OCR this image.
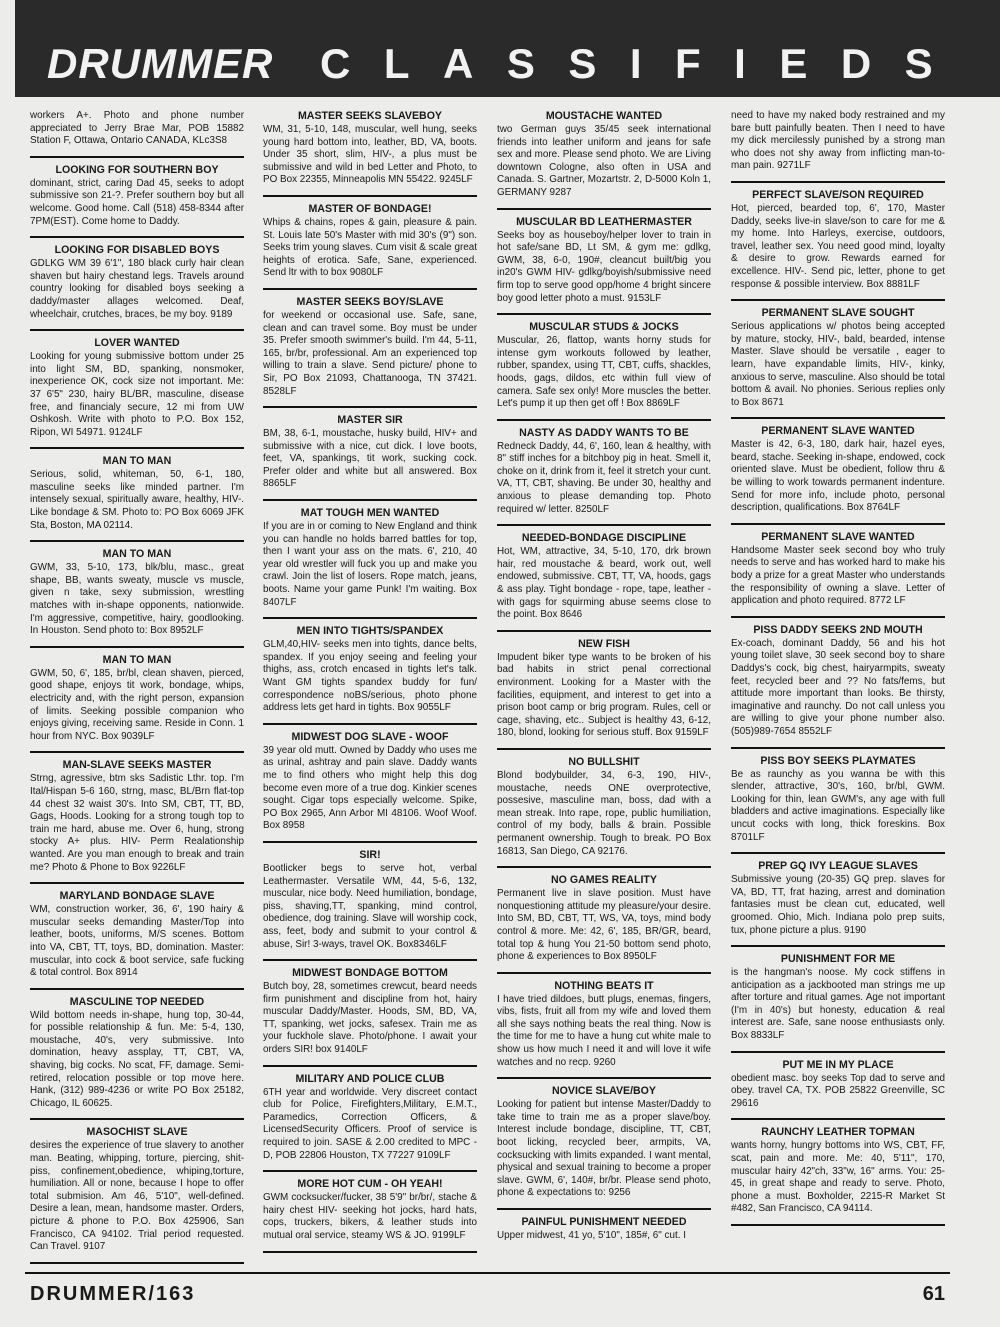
DRUMMER CLASSIFIEDS

workers A+. Photo and phone number appreciated to Jerry Brae Mar, POB 15882 Station F, Ottawa, Ontario CANADA, KLc3S8

LOOKING FOR SOUTHERN BOY

dominant, strict, caring Dad 45, seeks to adopt submissive son 21-?. Prefer southern boy but all welcome. Good home. Call (518) 458-8344 after 7PM(EST). Come home to Daddy.

LOOKING FOR DISABLED BOYS

GDLKG WM 39 6'1", 180 black curly hair clean shaven but hairy chestand legs. Travels around country looking for disabled boys seeking a daddy/master allages welcomed. Deaf, wheelchair, crutches, braces, be my boy. 9189

LOVER WANTED

Looking for young submissive bottom under 25 into light SM, BD, spanking, nonsmoker, inexperience OK, cock size not important. Me: 37 6'5" 230, hairy BL/BR, masculine, disease free, and financialy secure, 12 mi from UW Oshkosh. Write with photo to P.O. Box 152, Ripon, WI 54971. 9124LF

MAN TO MAN

Serious, solid, whiteman, 50, 6-1, 180, masculine seeks like minded partner. I'm intensely sexual, spiritually aware, healthy, HIV-. Like bondage & SM. Photo to: PO Box 6069 JFK Sta, Boston, MA 02114.

MAN TO MAN

GWM, 33, 5-10, 173, blk/blu, masc., great shape, BB, wants sweaty, muscle vs muscle, given n take, sexy submission, wrestling matches with in-shape opponents, nationwide. I'm aggressive, competitive, hairy, goodlooking. In Houston. Send photo to: Box 8952LF

MAN TO MAN

GWM, 50, 6', 185, br/bl, clean shaven, pierced, good shape, enjoys tit work, bondage, whips, electricity and, with the right person, expansion of limits. Seeking possible companion who enjoys giving, receiving same. Reside in Conn. 1 hour from NYC. Box 9039LF

MAN-SLAVE SEEKS MASTER

Strng, agressive, btm sks Sadistic Lthr. top. I'm Ital/Hispan 5-6 160, strng, masc, BL/Brn flat-top 44 chest 32 waist 30's. Into SM, CBT, TT, BD, Gags, Hoods. Looking for a strong tough top to train me hard, abuse me. Over 6, hung, strong stocky A+ plus. HIV- Perm Realationship wanted. Are you man enough to break and train me? Photo & Phone to Box 9226LF

MARYLAND BONDAGE SLAVE

WM, construction worker, 36, 6', 190 hairy & muscular seeks demanding Master/Top into leather, boots, uniforms, M/S scenes. Bottom into VA, CBT, TT, toys, BD, domination. Master: muscular, into cock & boot service, safe fucking & total control. Box 8914

MASCULINE TOP NEEDED

Wild bottom needs in-shape, hung top, 30-44, for possible relationship & fun. Me: 5-4, 130, moustache, 40's, very submissive. Into domination, heavy assplay, TT, CBT, VA, shaving, big cocks. No scat, FF, damage. Semi-retired, relocation possible or top move here. Hank, (312) 989-4236 or write PO Box 25182, Chicago, IL 60625.

MASOCHIST SLAVE

desires the experience of true slavery to another man. Beating, whipping, torture, piercing, shit-piss, confinement,obedience, whiping,torture, humiliation. All or none, because I hope to offer total submision. Am 46, 5'10", well-defined. Desire a lean, mean, handsome master. Orders, picture & phone to P.O. Box 425906, San Francisco, CA 94102. Trial period requested. Can Travel. 9107

MASTER SEEKS SLAVEBOY

WM, 31, 5-10, 148, muscular, well hung, seeks young hard bottom into, leather, BD, VA, boots. Under 35 short, slim, HIV-, a plus must be submissive and wild in bed Letter and Photo, to PO Box 22355, Minneapolis MN 55422. 9245LF

MASTER OF BONDAGE!

Whips & chains, ropes & gain, pleasure & pain. St. Louis late 50's Master with mid 30's (9") son. Seeks trim young slaves. Cum visit & scale great heights of erotica. Safe, Sane, experienced. Send ltr with to box 9080LF

MASTER SEEKS BOY/SLAVE

for weekend or occasional use. Safe, sane, clean and can travel some. Boy must be under 35. Prefer smooth swimmer's build. I'm 44, 5-11, 165, br/br, professional. Am an experienced top willing to train a slave. Send picture/ phone to Sir, PO Box 21093, Chattanooga, TN 37421. 8528LF

MASTER SIR

BM, 38, 6-1, moustache, husky build, HIV+ and submissive with a nice, cut dick. I love boots, feet, VA, spankings, tit work, sucking cock. Prefer older and white but all answered. Box 8865LF

MAT TOUGH MEN WANTED

If you are in or coming to New England and think you can handle no holds barred battles for top, then I want your ass on the mats. 6', 210, 40 year old wrestler will fuck you up and make you crawl. Join the list of losers. Rope match, jeans, boots. Name your game Punk! I'm waiting. Box 8407LF

MEN INTO TIGHTS/SPANDEX

GLM,40,HIV- seeks men into tights, dance belts, spandex. If you enjoy seeing and feeling your thighs, ass, crotch encased in tights let's talk. Want GM tights spandex buddy for fun/ correspondence noBS/serious, photo phone address lets get hard in tights. Box 9055LF

MIDWEST DOG SLAVE - WOOF

39 year old mutt. Owned by Daddy who uses me as urinal, ashtray and pain slave. Daddy wants me to find others who might help this dog become even more of a true dog. Kinkier scenes sought. Cigar tops especially welcome. Spike, PO Box 2965, Ann Arbor MI 48106. Woof Woof. Box 8958

SIR!

Bootlicker begs to serve hot, verbal Leathermaster. Versatile WM, 44, 5-6, 132, muscular, nice body. Need humiliation, bondage, piss, shaving,TT, spanking, mind control, obedience, dog training. Slave will worship cock, ass, feet, body and submit to your control & abuse, Sir! 3-ways, travel OK. Box8346LF

MIDWEST BONDAGE BOTTOM

Butch boy, 28, sometimes crewcut, beard needs firm punishment and discipline from hot, hairy muscular Daddy/Master. Hoods, SM, BD, VA, TT, spanking, wet jocks, safesex. Train me as your fuckhole slave. Photo/phone. I await your orders SIR! box 9140LF

MILITARY AND POLICE CLUB

6TH year and worldwide. Very discreet contact club for Police, Firefighters,Military, E.M.T., Paramedics, Correction Officers, & LicensedSecurity Officers. Proof of service is required to join. SASE & 2.00 credited to MPC - D, POB 22806 Houston, TX 77227 9109LF

MORE HOT CUM - OH YEAH!

GWM cocksucker/fucker, 38 5'9" br/br/, stache & hairy chest HIV- seeking hot jocks, hard hats, cops, truckers, bikers, & leather studs into mutual oral service, steamy WS & JO. 9199LF

MOUSTACHE WANTED

two German guys 35/45 seek international friends into leather uniform and jeans for safe sex and more. Please send photo. We are Living downtown Cologne, also often in USA and Canada. S. Gartner, Mozartstr. 2, D-5000 Koln 1, GERMANY 9287

MUSCULAR BD LEATHERMASTER

Seeks boy as houseboy/helper lover to train in hot safe/sane BD, Lt SM, & gym me: gdlkg, GWM, 38, 6-0, 190#, cleancut built/big you in20's GWM HIV- gdlkg/boyish/submissive need firm top to serve good opp/home 4 bright sincere boy good letter photo a must. 9153LF

MUSCULAR STUDS & JOCKS

Muscular, 26, flattop, wants horny studs for intense gym workouts followed by leather, rubber, spandex, using TT, CBT, cuffs, shackles, hoods, gags, dildos, etc within full view of camera. Safe sex only! More muscles the better. Let's pump it up then get off ! Box 8869LF

NASTY AS DADDY WANTS TO BE

Redneck Daddy, 44, 6', 160, lean & healthy, with 8" stiff inches for a bitchboy pig in heat. Smell it, choke on it, drink from it, feel it stretch your cunt. VA, TT, CBT, shaving. Be under 30, healthy and anxious to please demanding top. Photo required w/ letter. 8250LF

NEEDED-BONDAGE DISCIPLINE

Hot, WM, attractive, 34, 5-10, 170, drk brown hair, red moustache & beard, work out, well endowed, submissive. CBT, TT, VA, hoods, gags & ass play. Tight bondage - rope, tape, leather - with gags for squirming abuse seems close to the point. Box 8646

NEW FISH

Impudent biker type wants to be broken of his bad habits in strict penal correctional environment. Looking for a Master with the facilities, equipment, and interest to get into a prison boot camp or brig program. Rules, cell or cage, shaving, etc.. Subject is healthy 43, 6-12, 180, blond, looking for serious stuff. Box 9159LF

NO BULLSHIT

Blond bodybuilder, 34, 6-3, 190, HIV-, moustache, needs ONE overprotective, possesive, masculine man, boss, dad with a mean streak. Into rape, rope, public humiliation, control of my body, balls & brain. Possible permanent ownership. Tough to break. PO Box 16813, San Diego, CA 92176.

NO GAMES REALITY

Permanent live in slave position. Must have nonquestioning attitude my pleasure/your desire. Into SM, BD, CBT, TT, WS, VA, toys, mind body control & more. Me: 42, 6', 185, BR/GR, beard, total top & hung You 21-50 bottom send photo, phone & experiences to Box 8950LF

NOTHING BEATS IT

I have tried dildoes, butt plugs, enemas, fingers, vibs, fists, fruit all from my wife and loved them all she says nothing beats the real thing. Now is the time for me to have a hung cut white male to show us how much I need it and will love it wife watches and no recp. 9260

NOVICE SLAVE/BOY

Looking for patient but intense Master/Daddy to take time to train me as a proper slave/boy. Interest include bondage, discipline, TT, CBT, boot licking, recycled beer, armpits, VA, cocksucking with limits expanded. I want mental, physical and sexual training to become a proper slave. GWM, 6', 140#, br/br. Please send photo, phone & expectations to: 9256

PAINFUL PUNISHMENT NEEDED

Upper midwest, 41 yo, 5'10", 185#, 6" cut. I

need to have my naked body restrained and my bare butt painfully beaten. Then I need to have my dick mercilessly punished by a strong man who does not shy away from inflicting man-to-man pain. 9271LF

PERFECT SLAVE/SON REQUIRED

Hot, pierced, bearded top, 6', 170, Master Daddy, seeks live-in slave/son to care for me & my home. Into Harleys, exercise, outdoors, travel, leather sex. You need good mind, loyalty & desire to grow. Rewards earned for excellence. HIV-. Send pic, letter, phone to get response & possible interview. Box 8881LF

PERMANENT SLAVE SOUGHT

Serious applications w/ photos being accepted by mature, stocky, HIV-, bald, bearded, intense Master. Slave should be versatile , eager to learn, have expandable limits, HIV-, kinky, anxious to serve, masculine. Also should be total bottom & avail. No phonies. Serious replies only to Box 8671

PERMANENT SLAVE WANTED

Master is 42, 6-3, 180, dark hair, hazel eyes, beard, stache. Seeking in-shape, endowed, cock oriented slave. Must be obedient, follow thru & be willing to work towards permanent indenture. Send for more info, include photo, personal description, qualifications. Box 8764LF

PERMANENT SLAVE WANTED

Handsome Master seek second boy who truly needs to serve and has worked hard to make his body a prize for a great Master who understands the responsibility of owning a slave. Letter of application and photo required. 8772 LF

PISS DADDY SEEKS 2ND MOUTH

Ex-coach, dominant Daddy, 56 and his hot young toilet slave, 30 seek second boy to share Daddys's cock, big chest, hairyarmpits, sweaty feet, recycled beer and ?? No fats/fems, but attitude more important than looks. Be thirsty, imaginative and raunchy. Do not call unless you are willing to give your phone number also. (505)989-7654 8552LF

PISS BOY SEEKS PLAYMATES

Be as raunchy as you wanna be with this slender, attractive, 30's, 160, br/bl, GWM. Looking for thin, lean GWM's, any age with full bladders and active imaginations. Especially like uncut cocks with long, thick foreskins. Box 8701LF

PREP GQ IVY LEAGUE SLAVES

Submissive young (20-35) GQ prep. slaves for VA, BD, TT, frat hazing, arrest and domination fantasies must be clean cut, educated, well groomed. Ohio, Mich. Indiana polo prep suits, tux, phone picture a plus. 9190

PUNISHMENT FOR ME

is the hangman's noose. My cock stiffens in anticipation as a jackbooted man strings me up after torture and ritual games. Age not important (I'm in 40's) but honesty, education & real interest are. Safe, sane noose enthusiasts only. Box 8833LF

PUT ME IN MY PLACE

obedient masc. boy seeks Top dad to serve and obey. travel CA, TX. POB 25822 Greenville, SC 29616

RAUNCHY LEATHER TOPMAN

wants horny, hungry bottoms into WS, CBT, FF, scat, pain and more. Me: 40, 5'11", 170, muscular hairy 42"ch, 33"w, 16" arms. You: 25-45, in great shape and ready to serve. Photo, phone a must. Boxholder, 2215-R Market St #482, San Francisco, CA 94114.

DRUMMER/163	61
